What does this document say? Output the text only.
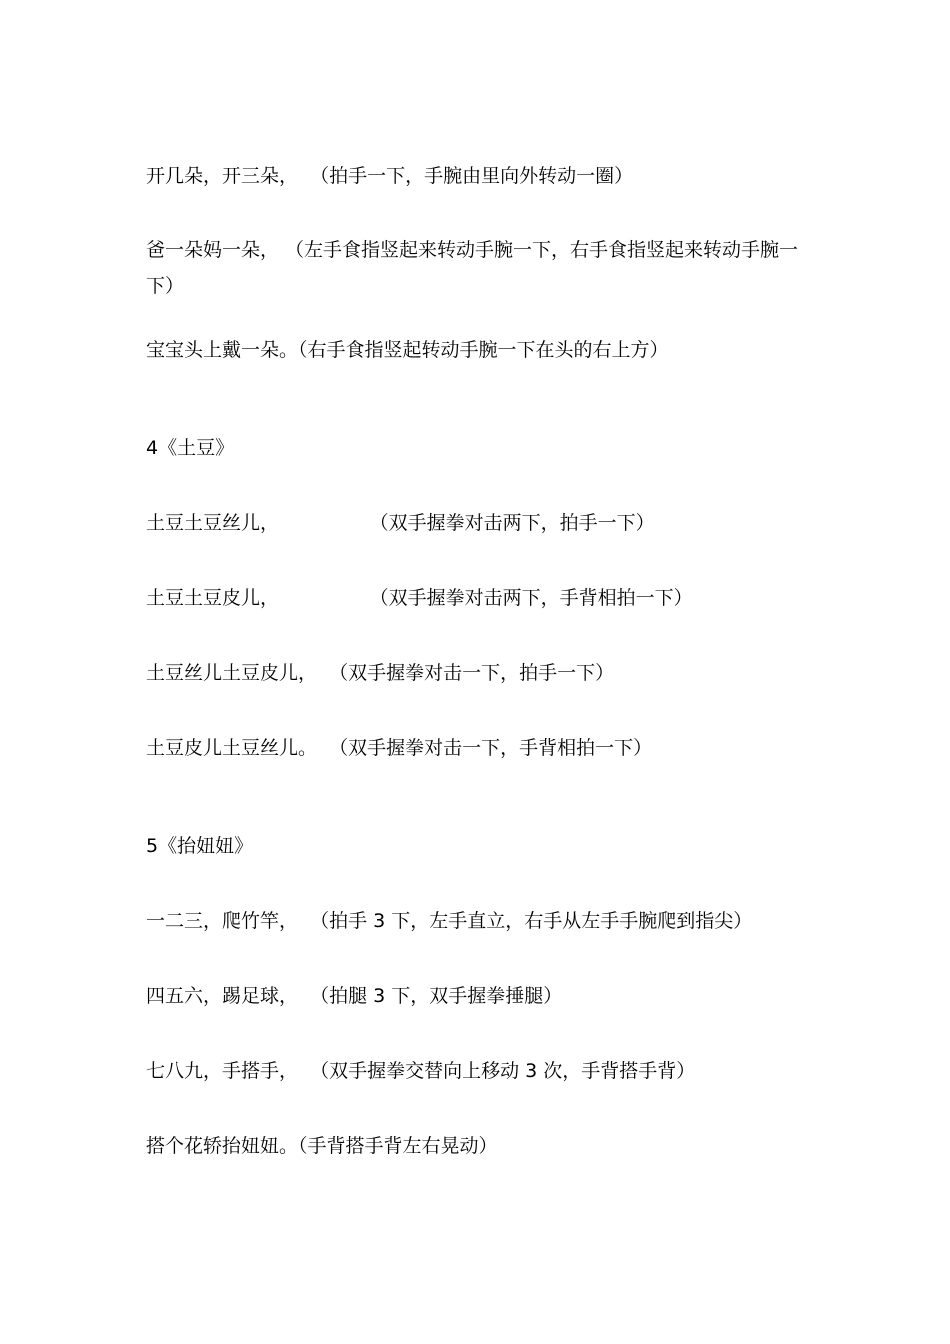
开几朵，开三朵，  （拍手一下，手腕由里向外转动一圈）
爸一朵妈一朵， （左手食指竖起来转动手腕一下，右手食指竖起来转动手腕一下）
宝宝头上戴一朵。（右手食指竖起转动手腕一下在头的右上方）
4《土豆》
土豆土豆丝儿，               （双手握拳对击两下，拍手一下）
土豆土豆皮儿，               （双手握拳对击两下，手背相拍一下）
土豆丝儿土豆皮儿，  （双手握拳对击一下，拍手一下）
土豆皮儿土豆丝儿。  （双手握拳对击一下，手背相拍一下）
5《抬妞妞》
一二三，爬竹竿，  （拍手 3 下，左手直立，右手从左手手腕爬到指尖）
四五六，踢足球，  （拍腿 3 下，双手握拳捶腿）
七八九，手搭手，  （双手握拳交替向上移动 3 次，手背搭手背）
搭个花轿抬妞妞。（手背搭手背左右晃动）
